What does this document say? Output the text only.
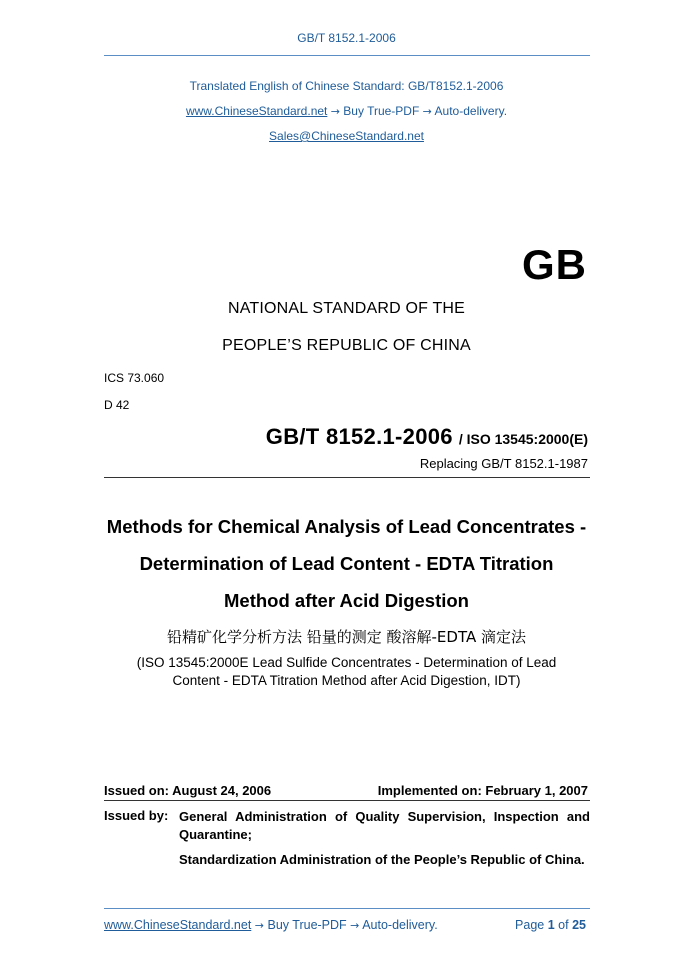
GB/T 8152.1-2006
Translated English of Chinese Standard: GB/T8152.1-2006
www.ChineseStandard.net → Buy True-PDF → Auto-delivery.
Sales@ChineseStandard.net
GB
NATIONAL STANDARD OF THE
PEOPLE’S REPUBLIC OF CHINA
ICS 73.060
D 42
GB/T 8152.1-2006 / ISO 13545:2000(E)
Replacing GB/T 8152.1-1987
Methods for Chemical Analysis of Lead Concentrates -
Determination of Lead Content - EDTA Titration
Method after Acid Digestion
铅精矿化学分析方法 铅量的测定 酸溶解-EDTA 滴定法
(ISO 13545:2000E Lead Sulfide Concentrates - Determination of Lead
Content - EDTA Titration Method after Acid Digestion, IDT)
Issued on: August 24, 2006	Implemented on: February 1, 2007
Issued by: General Administration of Quality Supervision, Inspection and Quarantine;
Standardization Administration of the People’s Republic of China.
www.ChineseStandard.net → Buy True-PDF → Auto-delivery.	Page 1 of 25
